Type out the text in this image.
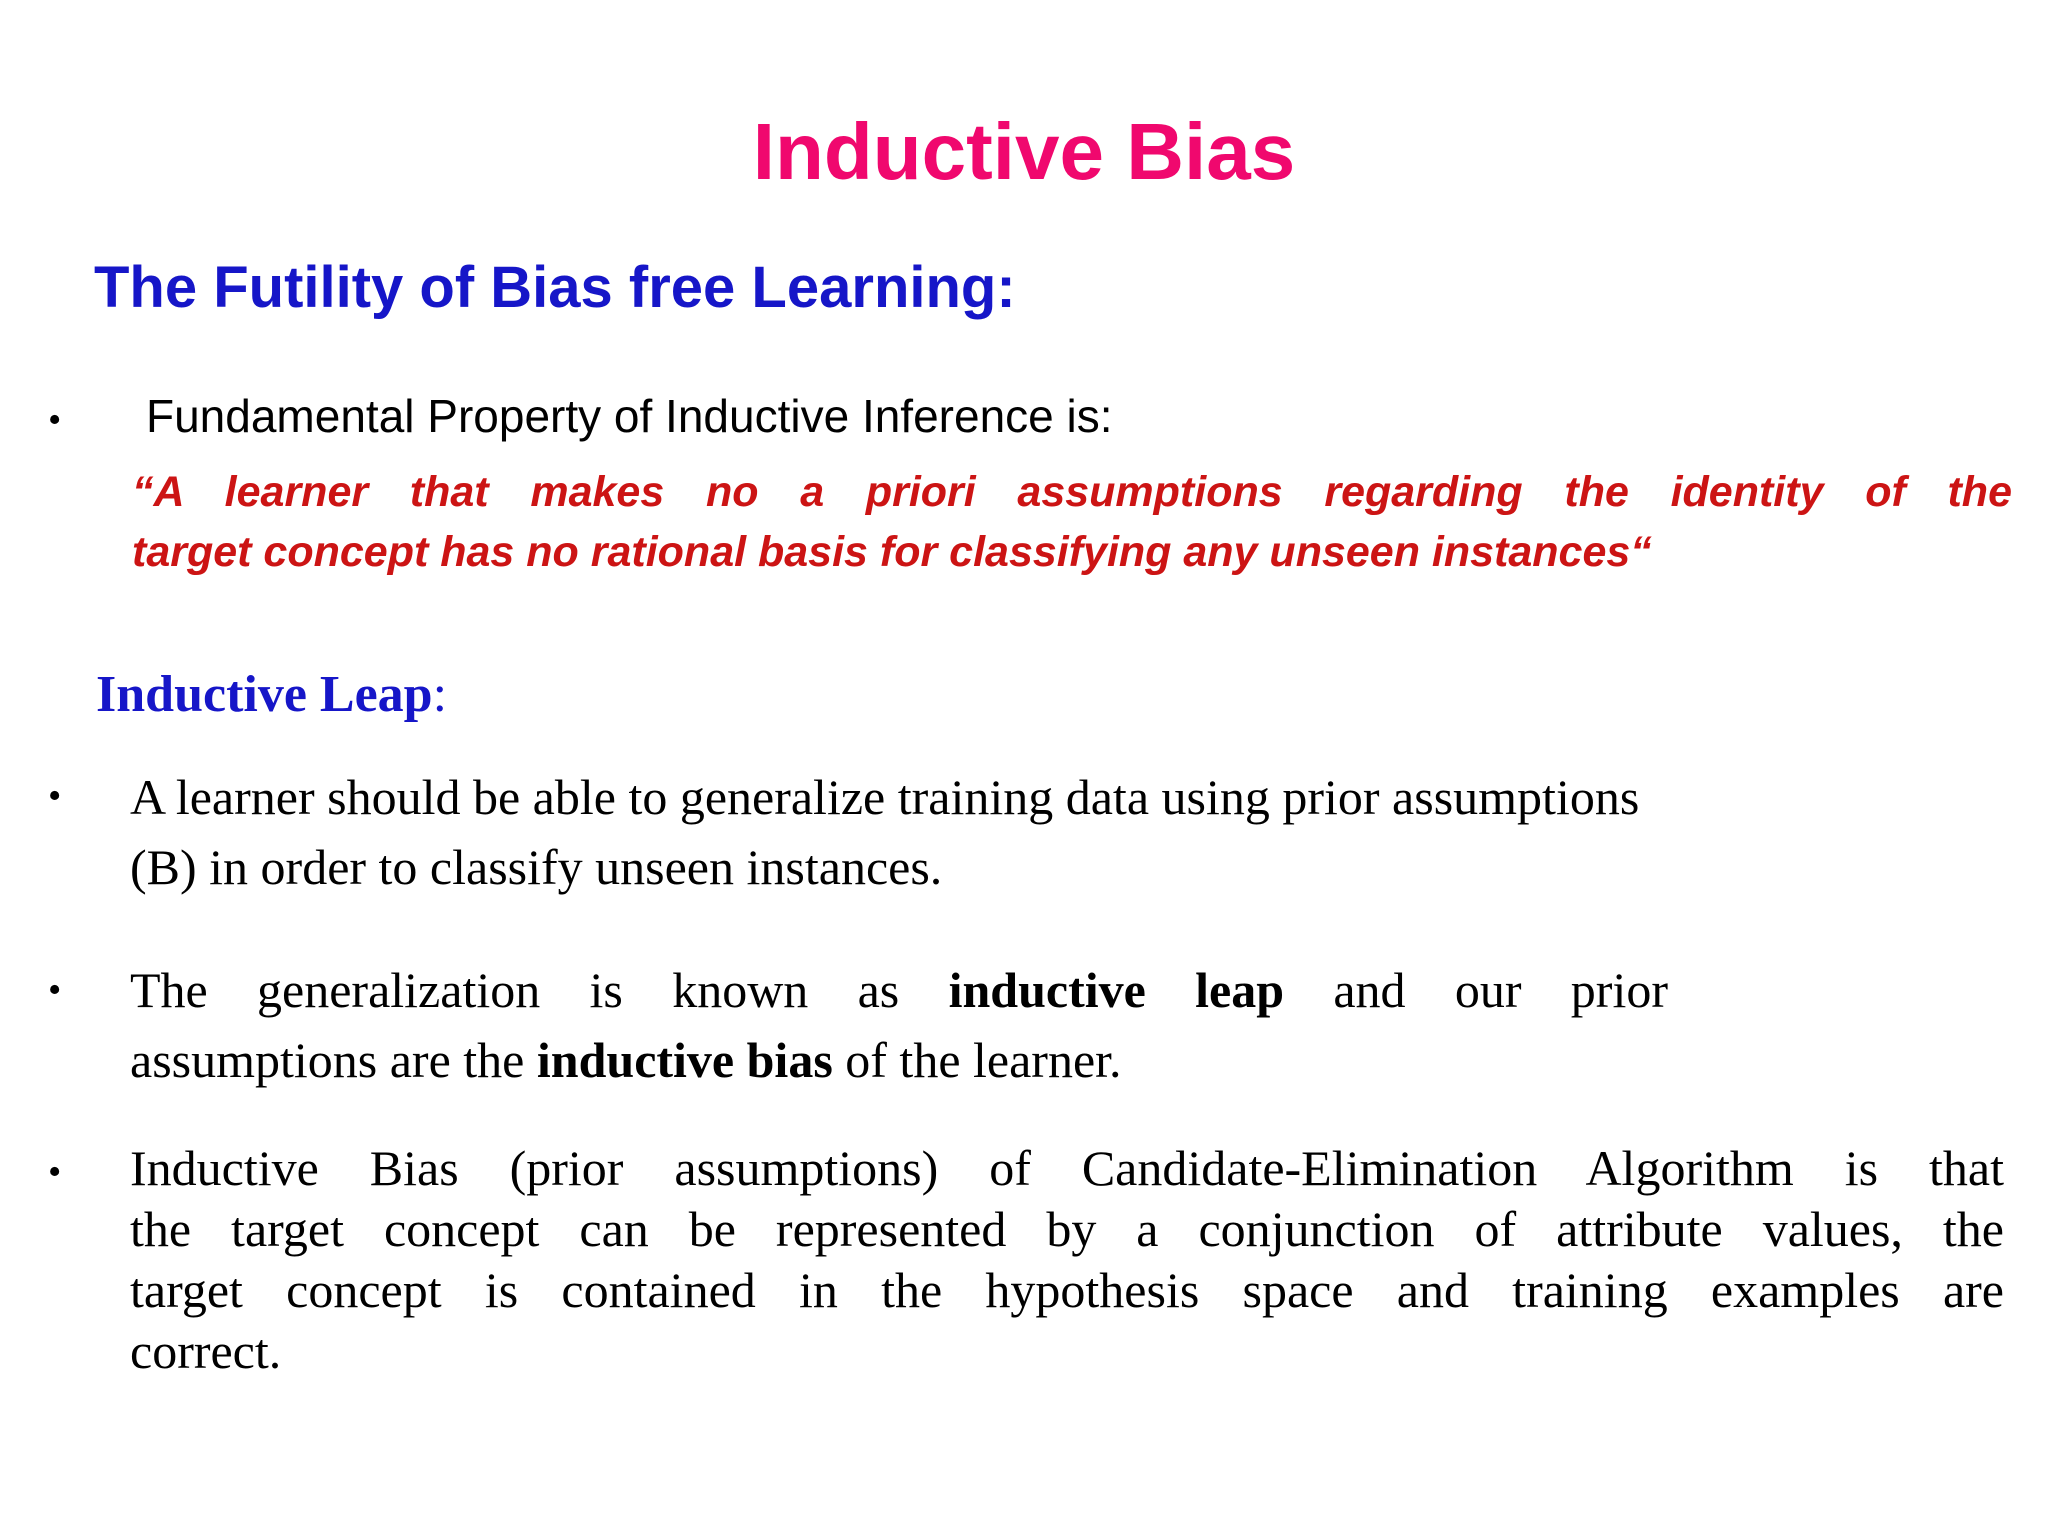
Inductive Bias
The Futility of Bias free Learning:
• Fundamental Property of Inductive Inference is:
“A learner that makes no a priori assumptions regarding the identity of the
target concept has no rational basis for classifying any unseen instances“
Inductive Leap:
• A learner should be able to generalize training data using prior assumptions
(B) in order to classify unseen instances.
• The generalization is known as inductive leap and our prior
assumptions are the inductive bias of the learner.
• Inductive Bias (prior assumptions) of Candidate-Elimination Algorithm is that
the target concept can be represented by a conjunction of attribute values, the
target concept is contained in the hypothesis space and training examples are
correct.
